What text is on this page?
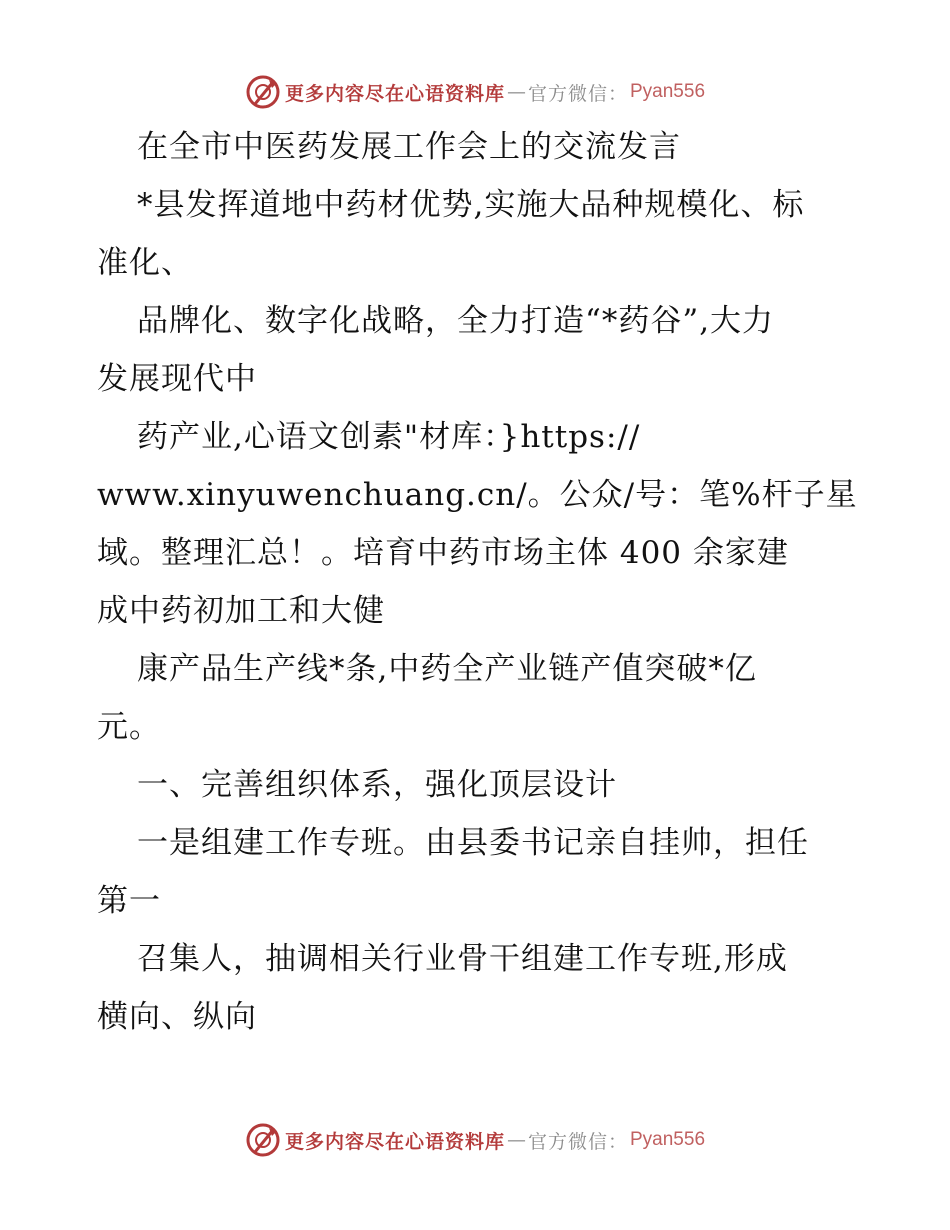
更多内容尽在心语资料库 — 官方微信： Pyan556
在全市中医药发展工作会上的交流发言
*县发挥道地中药材优势,实施大品种规模化、标
准化、
品牌化、数字化战略，全力打造“*药谷”,大力
发展现代中
药产业,心语文创素"材库：}https://
www.xinyuwenchuang.cn/。公众/号：笔%杆子星
域。整理汇总！。培育中药市场主体 400 余家建
成中药初加工和大健
康产品生产线*条,中药全产业链产值突破*亿
元。
一、完善组织体系，强化顶层设计
一是组建工作专班。由县委书记亲自挂帅，担任
第一
召集人，抽调相关行业骨干组建工作专班,形成
横向、纵向
更多内容尽在心语资料库 — 官方微信： Pyan556
